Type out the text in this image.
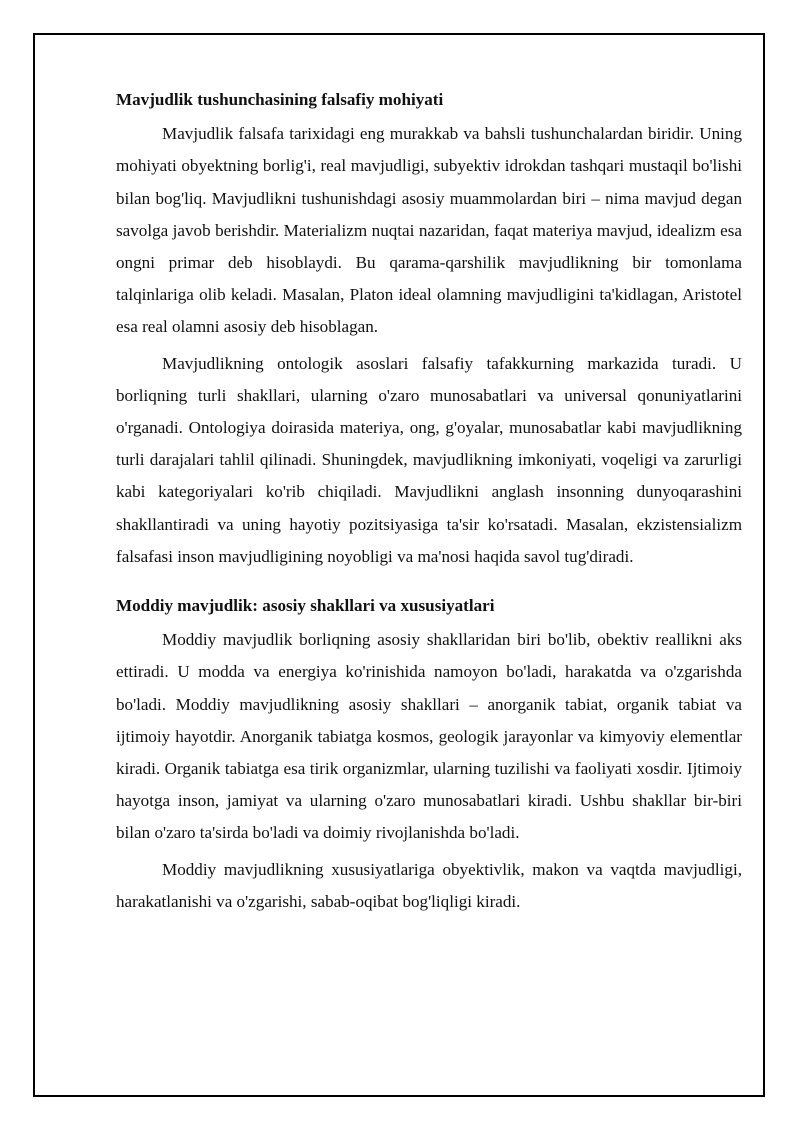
Mavjudlik tushunchasining falsafiy mohiyati

Mavjudlik falsafa tarixidagi eng murakkab va bahsli tushunchalardan biridir. Uning mohiyati obyektning borlig'i, real mavjudligi, subyektiv idrokdan tashqari mustaqil bo'lishi bilan bog'liq. Mavjudlikni tushunishdagi asosiy muammolardan biri – nima mavjud degan savolga javob berishdir. Materializm nuqtai nazaridan, faqat materiya mavjud, idealizm esa ongni primar deb hisoblaydi. Bu qarama-qarshilik mavjudlikning bir tomonlama talqinlariga olib keladi. Masalan, Platon ideal olamning mavjudligini ta'kidlagan, Aristotel esa real olamni asosiy deb hisoblagan.

Mavjudlikning ontologik asoslari falsafiy tafakkurning markazida turadi. U borliqning turli shakllari, ularning o'zaro munosabatlari va universal qonuniyatlarini o'rganadi. Ontologiya doirasida materiya, ong, g'oyalar, munosabatlar kabi mavjudlikning turli darajalari tahlil qilinadi. Shuningdek, mavjudlikning imkoniyati, voqeligi va zarurligi kabi kategoriyalari ko'rib chiqiladi. Mavjudlikni anglash insonning dunyoqarashini shakllantiradi va uning hayotiy pozitsiyasiga ta'sir ko'rsatadi. Masalan, ekzistensializm falsafasi inson mavjudligining noyobligi va ma'nosi haqida savol tug'diradi.

Moddiy mavjudlik: asosiy shakllari va xususiyatlari

Moddiy mavjudlik borliqning asosiy shakllaridan biri bo'lib, obektiv reallikni aks ettiradi. U modda va energiya ko'rinishida namoyon bo'ladi, harakatda va o'zgarishda bo'ladi. Moddiy mavjudlikning asosiy shakllari – anorganik tabiat, organik tabiat va ijtimoiy hayotdir. Anorganik tabiatga kosmos, geologik jarayonlar va kimyoviy elementlar kiradi. Organik tabiatga esa tirik organizmlar, ularning tuzilishi va faoliyati xosdir. Ijtimoiy hayotga inson, jamiyat va ularning o'zaro munosabatlari kiradi. Ushbu shakllar bir-biri bilan o'zaro ta'sirda bo'ladi va doimiy rivojlanishda bo'ladi.

Moddiy mavjudlikning xususiyatlariga obyektivlik, makon va vaqtda mavjudligi, harakatlanishi va o'zgarishi, sabab-oqibat bog'liqligi kiradi.
